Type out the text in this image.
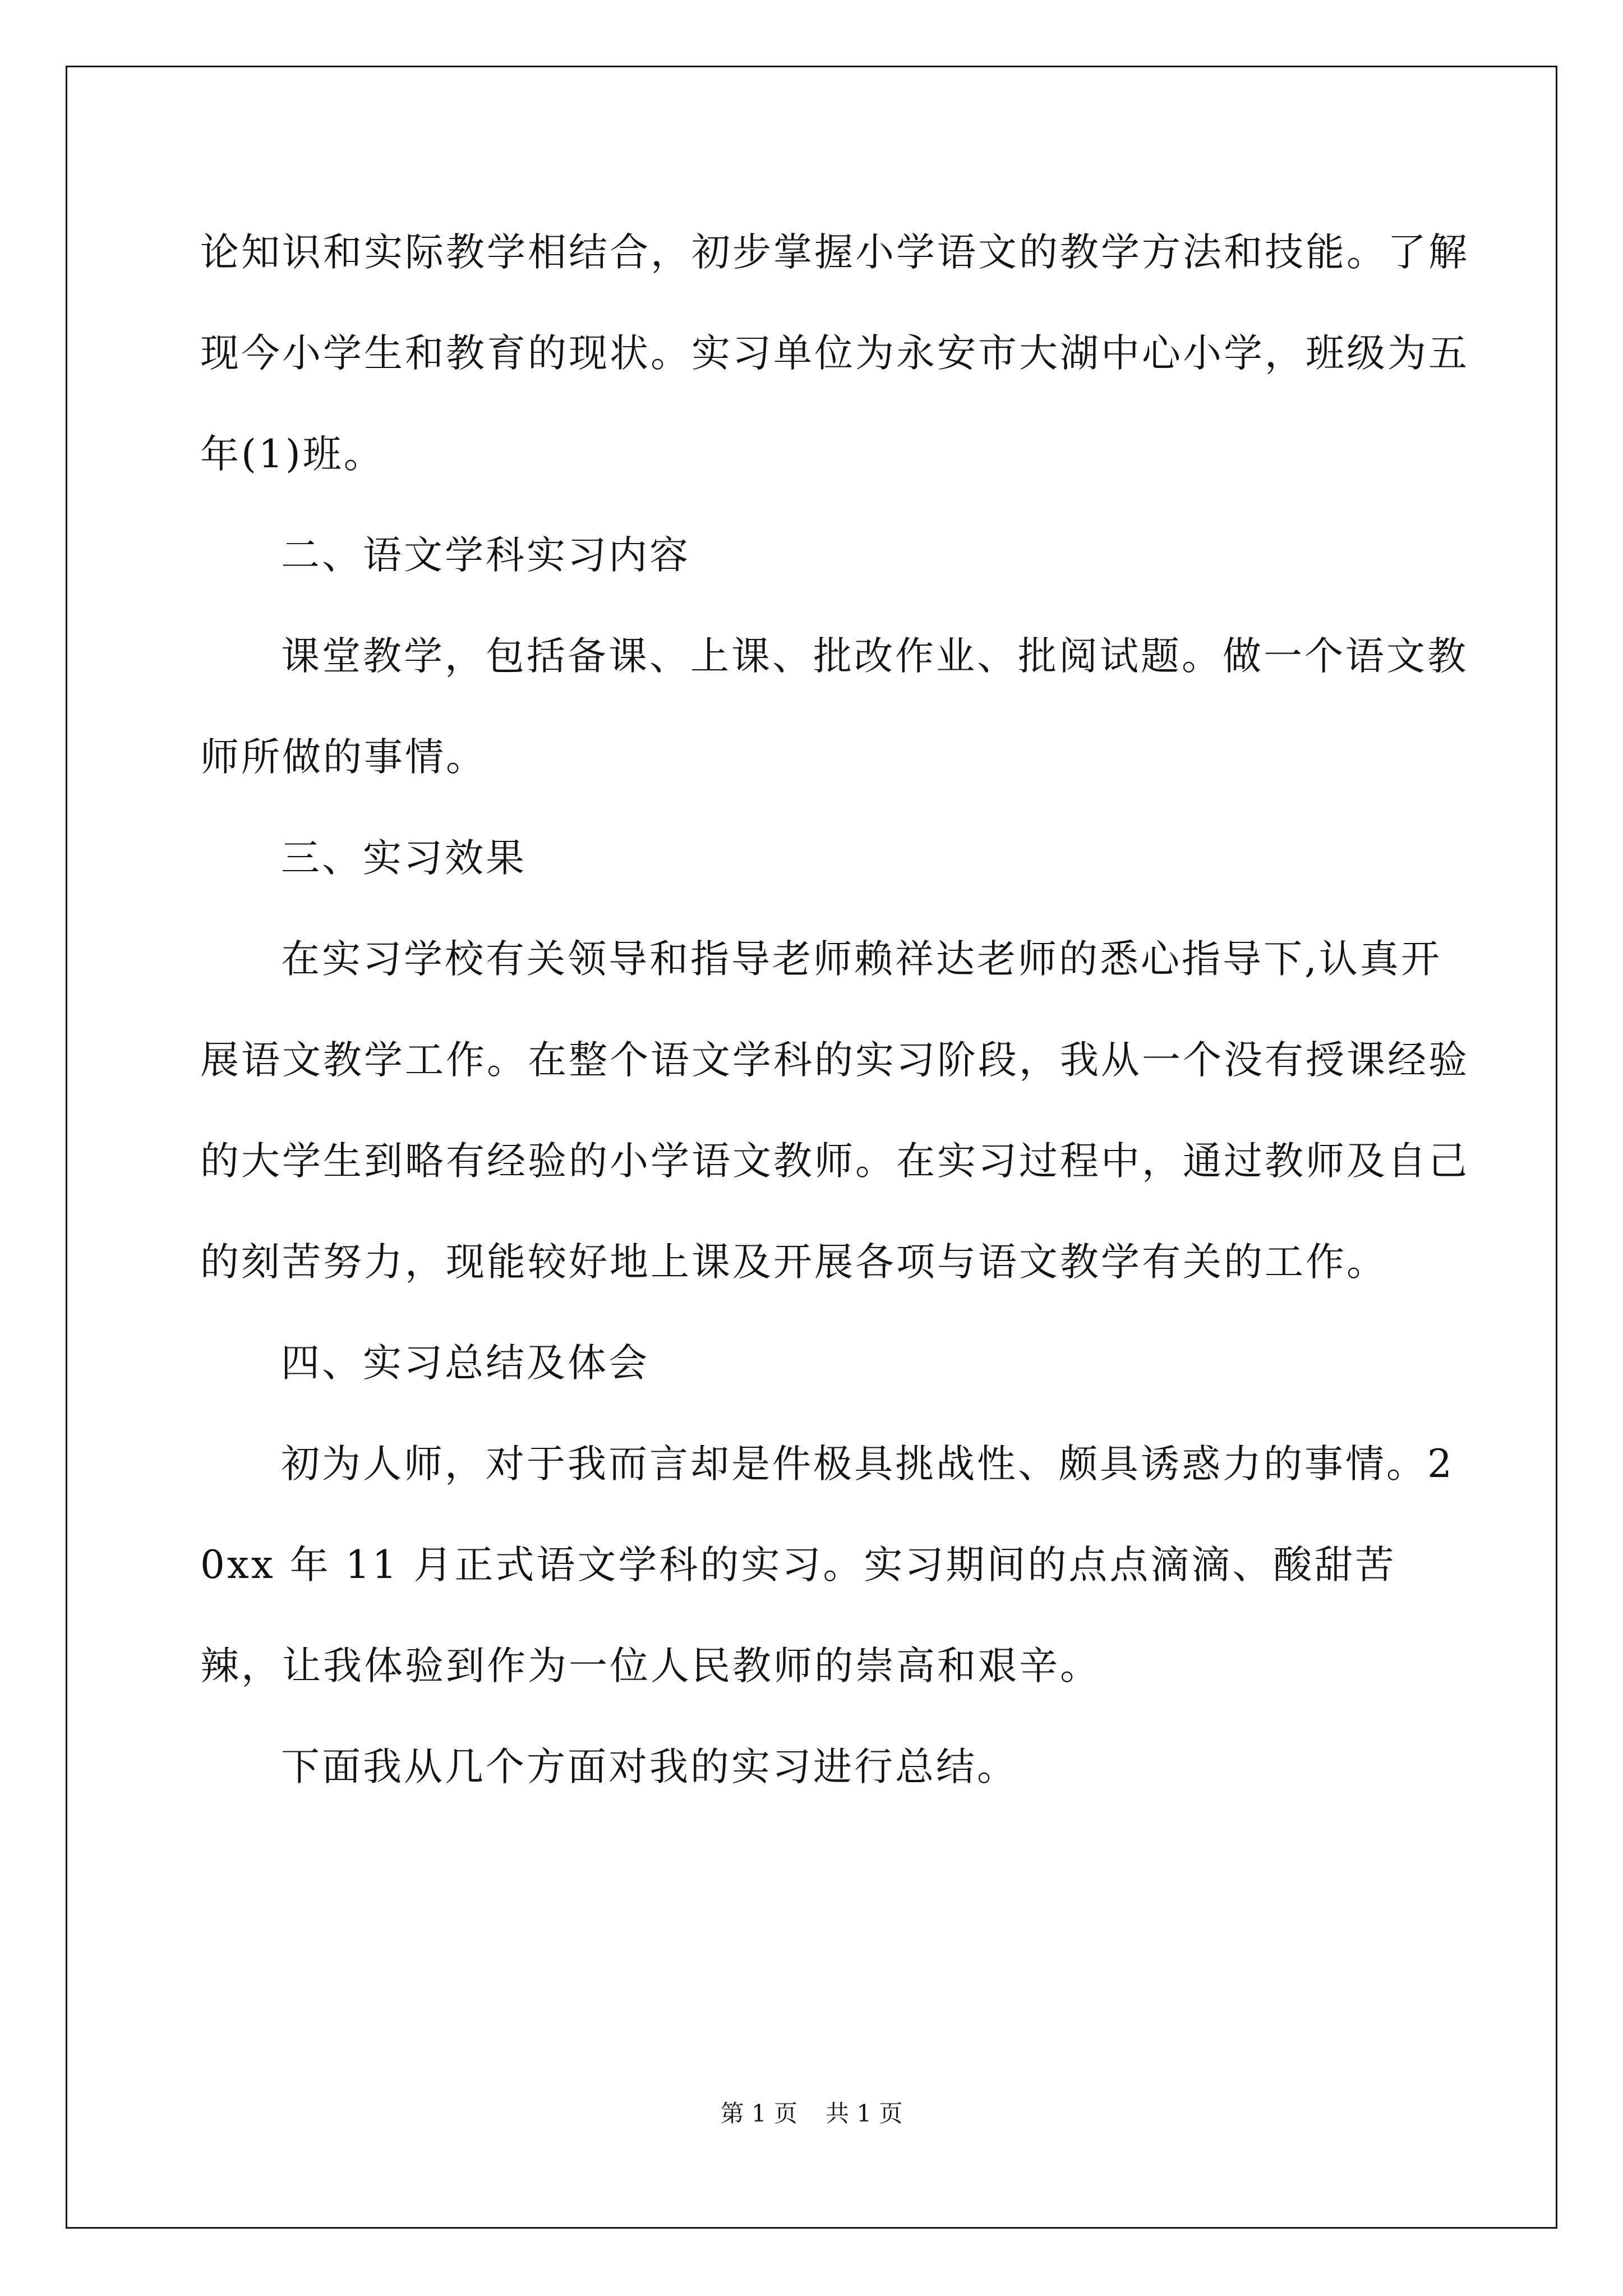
论知识和实际教学相结合，初步掌握小学语文的教学方法和技能。了解现今小学生和教育的现状。实习单位为永安市大湖中心小学，班级为五年(1)班。

二、语文学科实习内容

课堂教学，包括备课、上课、批改作业、批阅试题。做一个语文教师所做的事情。

三、实习效果

在实习学校有关领导和指导老师赖祥达老师的悉心指导下,认真开展语文教学工作。在整个语文学科的实习阶段，我从一个没有授课经验的大学生到略有经验的小学语文教师。在实习过程中，通过教师及自己的刻苦努力，现能较好地上课及开展各项与语文教学有关的工作。

四、实习总结及体会

初为人师，对于我而言却是件极具挑战性、颇具诱惑力的事情。20xx 年 11 月正式语文学科的实习。实习期间的点点滴滴、酸甜苦辣，让我体验到作为一位人民教师的崇高和艰辛。

下面我从几个方面对我的实习进行总结。

第 1 页 共 1 页
